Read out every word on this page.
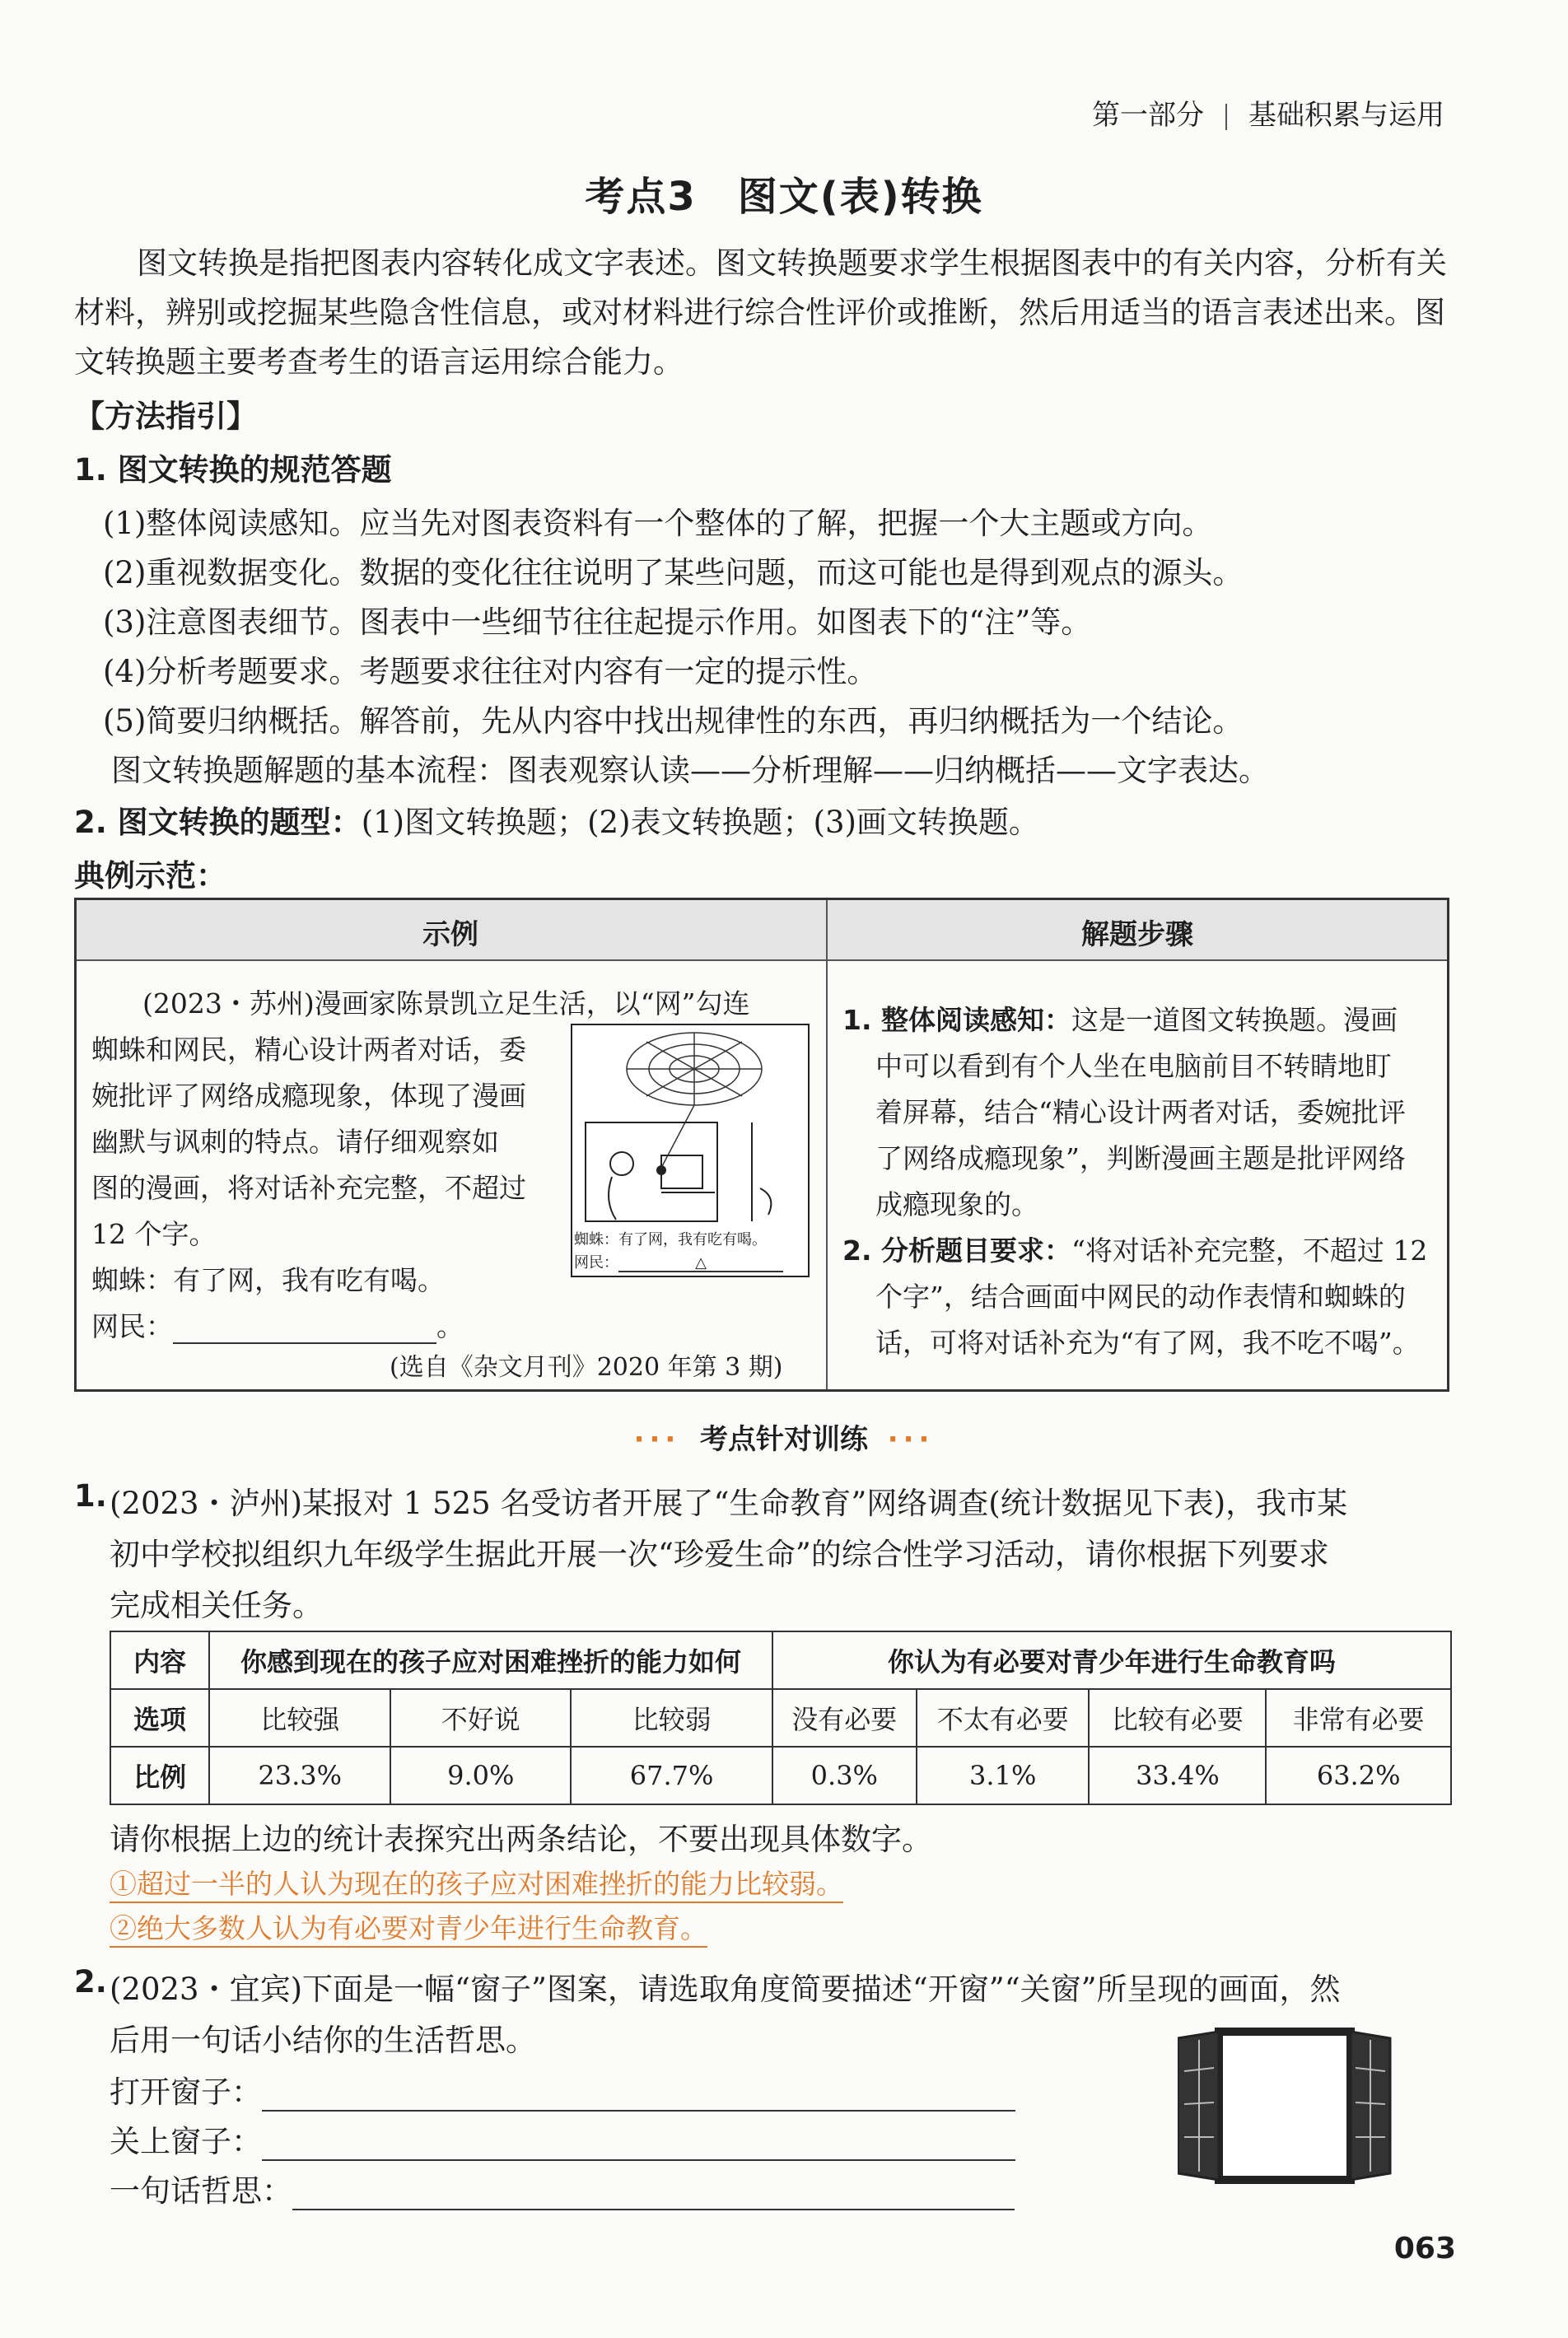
第一部分 基础积累与运用
考点3　图文(表)转换
图文转换是指把图表内容转化成文字表述。图文转换题要求学生根据图表中的有关内容，分析有关材料，辨别或挖掘某些隐含性信息，或对材料进行综合性评价或推断，然后用适当的语言表述出来。图文转换题主要考查考生的语言运用综合能力。
【方法指引】
1. 图文转换的规范答题
(1)整体阅读感知。应当先对图表资料有一个整体的了解，把握一个大主题或方向。
(2)重视数据变化。数据的变化往往说明了某些问题，而这可能也是得到观点的源头。
(3)注意图表细节。图表中一些细节往往起提示作用。如图表下的“注”等。
(4)分析考题要求。考题要求往往对内容有一定的提示性。
(5)简要归纳概括。解答前，先从内容中找出规律性的东西，再归纳概括为一个结论。
图文转换题解题的基本流程：图表观察认读——分析理解——归纳概括——文字表达。
2. 图文转换的题型：(1)图文转换题；(2)表文转换题；(3)画文转换题。
典例示范：
示例	解题步骤
(2023・苏州)漫画家陈景凯立足生活，以“网”勾连
蜘蛛和网民，精心设计两者对话，委
婉批评了网络成瘾现象，体现了漫画
幽默与讽刺的特点。请仔细观察如
图的漫画，将对话补充完整，不超过
12 个字。
蜘蛛：有了网，我有吃有喝。
网民：	。
(选自《杂文月刊》2020 年第 3 期)
蜘蛛：有了网，我有吃有喝。
网民：	△
1. 整体阅读感知：这是一道图文转换题。漫画
中可以看到有个人坐在电脑前目不转睛地盯
着屏幕，结合“精心设计两者对话，委婉批评
了网络成瘾现象”，判断漫画主题是批评网络
成瘾现象的。
2. 分析题目要求：“将对话补充完整，不超过 12
个字”，结合画面中网民的动作表情和蜘蛛的
话，可将对话补充为“有了网，我不吃不喝”。
··· 考点针对训练 ···
1. (2023・泸州)某报对 1 525 名受访者开展了“生命教育”网络调查(统计数据见下表)，我市某
初中学校拟组织九年级学生据此开展一次“珍爱生命”的综合性学习活动，请你根据下列要求
完成相关任务。
内容	你感到现在的孩子应对困难挫折的能力如何			你认为有必要对青少年进行生命教育吗			
选项	比较强	不好说	比较弱	没有必要	不太有必要	比较有必要	非常有必要
比例	23.3%	9.0%	67.7%	0.3%	3.1%	33.4%	63.2%
请你根据上边的统计表探究出两条结论，不要出现具体数字。
①超过一半的人认为现在的孩子应对困难挫折的能力比较弱。
②绝大多数人认为有必要对青少年进行生命教育。
2. (2023・宜宾)下面是一幅“窗子”图案，请选取角度简要描述“开窗”“关窗”所呈现的画面，然
后用一句话小结你的生活哲思。
打开窗子：
关上窗子：
一句话哲思：
063
